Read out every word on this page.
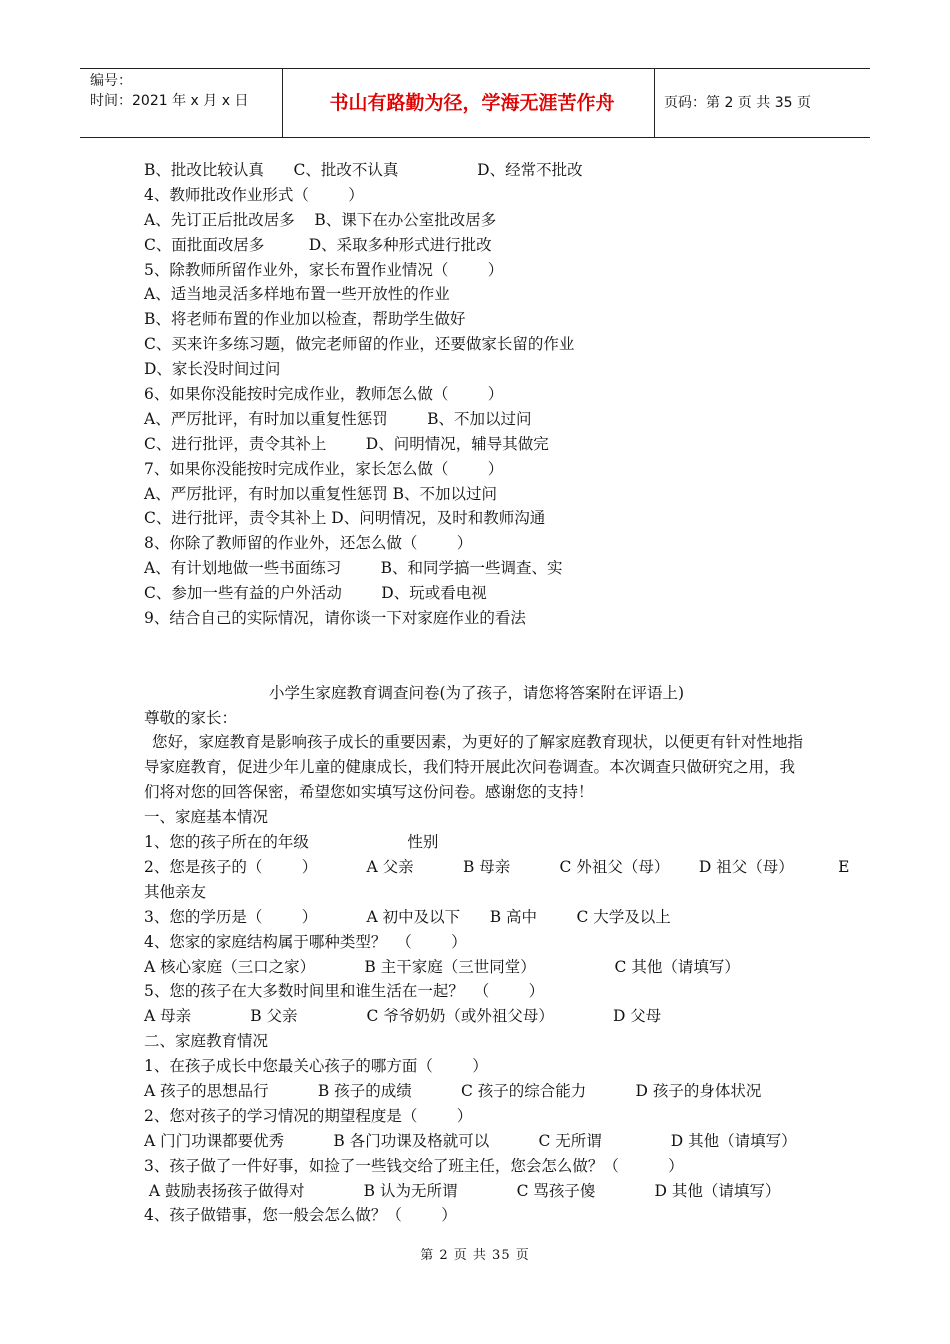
编号：
时间：2021 年 x 月 x 日	书山有路勤为径，学海无涯苦作舟	页码：第 2 页 共 35 页
B、批改比较认真      C、批改不认真                D、经常不批改
4、教师批改作业形式（        ）
A、先订正后批改居多    B、课下在办公室批改居多
C、面批面改居多         D、采取多种形式进行批改
5、除教师所留作业外，家长布置作业情况（        ）
A、适当地灵活多样地布置一些开放性的作业
B、将老师布置的作业加以检查，帮助学生做好
C、买来许多练习题，做完老师留的作业，还要做家长留的作业
D、家长没时间过问
6、如果你没能按时完成作业，教师怎么做（        ）
A、严厉批评，有时加以重复性惩罚        B、不加以过问
C、进行批评，责令其补上        D、问明情况，辅导其做完
7、如果你没能按时完成作业，家长怎么做（        ）
A、严厉批评，有时加以重复性惩罚 B、不加以过问
C、进行批评，责令其补上 D、问明情况，及时和教师沟通
8、你除了教师留的作业外，还怎么做（        ）
A、有计划地做一些书面练习        B、和同学搞一些调查、实
C、参加一些有益的户外活动        D、玩或看电视
9、结合自己的实际情况，请你谈一下对家庭作业的看法
小学生家庭教育调查问卷(为了孩子，请您将答案附在评语上)
尊敬的家长：

您好，家庭教育是影响孩子成长的重要因素，为更好的了解家庭教育现状，以便更有针对性地指导家庭教育，促进少年儿童的健康成长，我们特开展此次问卷调查。本次调查只做研究之用，我们将对您的回答保密，希望您如实填写这份问卷。感谢您的支持！

一、家庭基本情况
1、您的孩子所在的年级                    性别
2、您是孩子的（        ）          A 父亲          B 母亲          C 外祖父（母）      D 祖父（母）         E
其他亲友
3、您的学历是（        ）          A 初中及以下      B 高中        C 大学及以上
4、您家的家庭结构属于哪种类型？  （        ）
A 核心家庭（三口之家）          B 主干家庭（三世同堂）                C 其他（请填写）
5、您的孩子在大多数时间里和谁生活在一起？  （        ）
A 母亲            B 父亲              C 爷爷奶奶（或外祖父母）            D 父母
二、家庭教育情况
1、在孩子成长中您最关心孩子的哪方面（        ）
A 孩子的思想品行          B 孩子的成绩          C 孩子的综合能力          D 孩子的身体状况
2、您对孩子的学习情况的期望程度是（        ）
A 门门功课都要优秀          B 各门功课及格就可以          C 无所谓              D 其他（请填写）
3、孩子做了一件好事，如捡了一些钱交给了班主任，您会怎么做？（          ）
A 鼓励表扬孩子做得对            B 认为无所谓            C 骂孩子傻            D 其他（请填写）
4、孩子做错事，您一般会怎么做？（        ）
第 2 页 共 35 页
